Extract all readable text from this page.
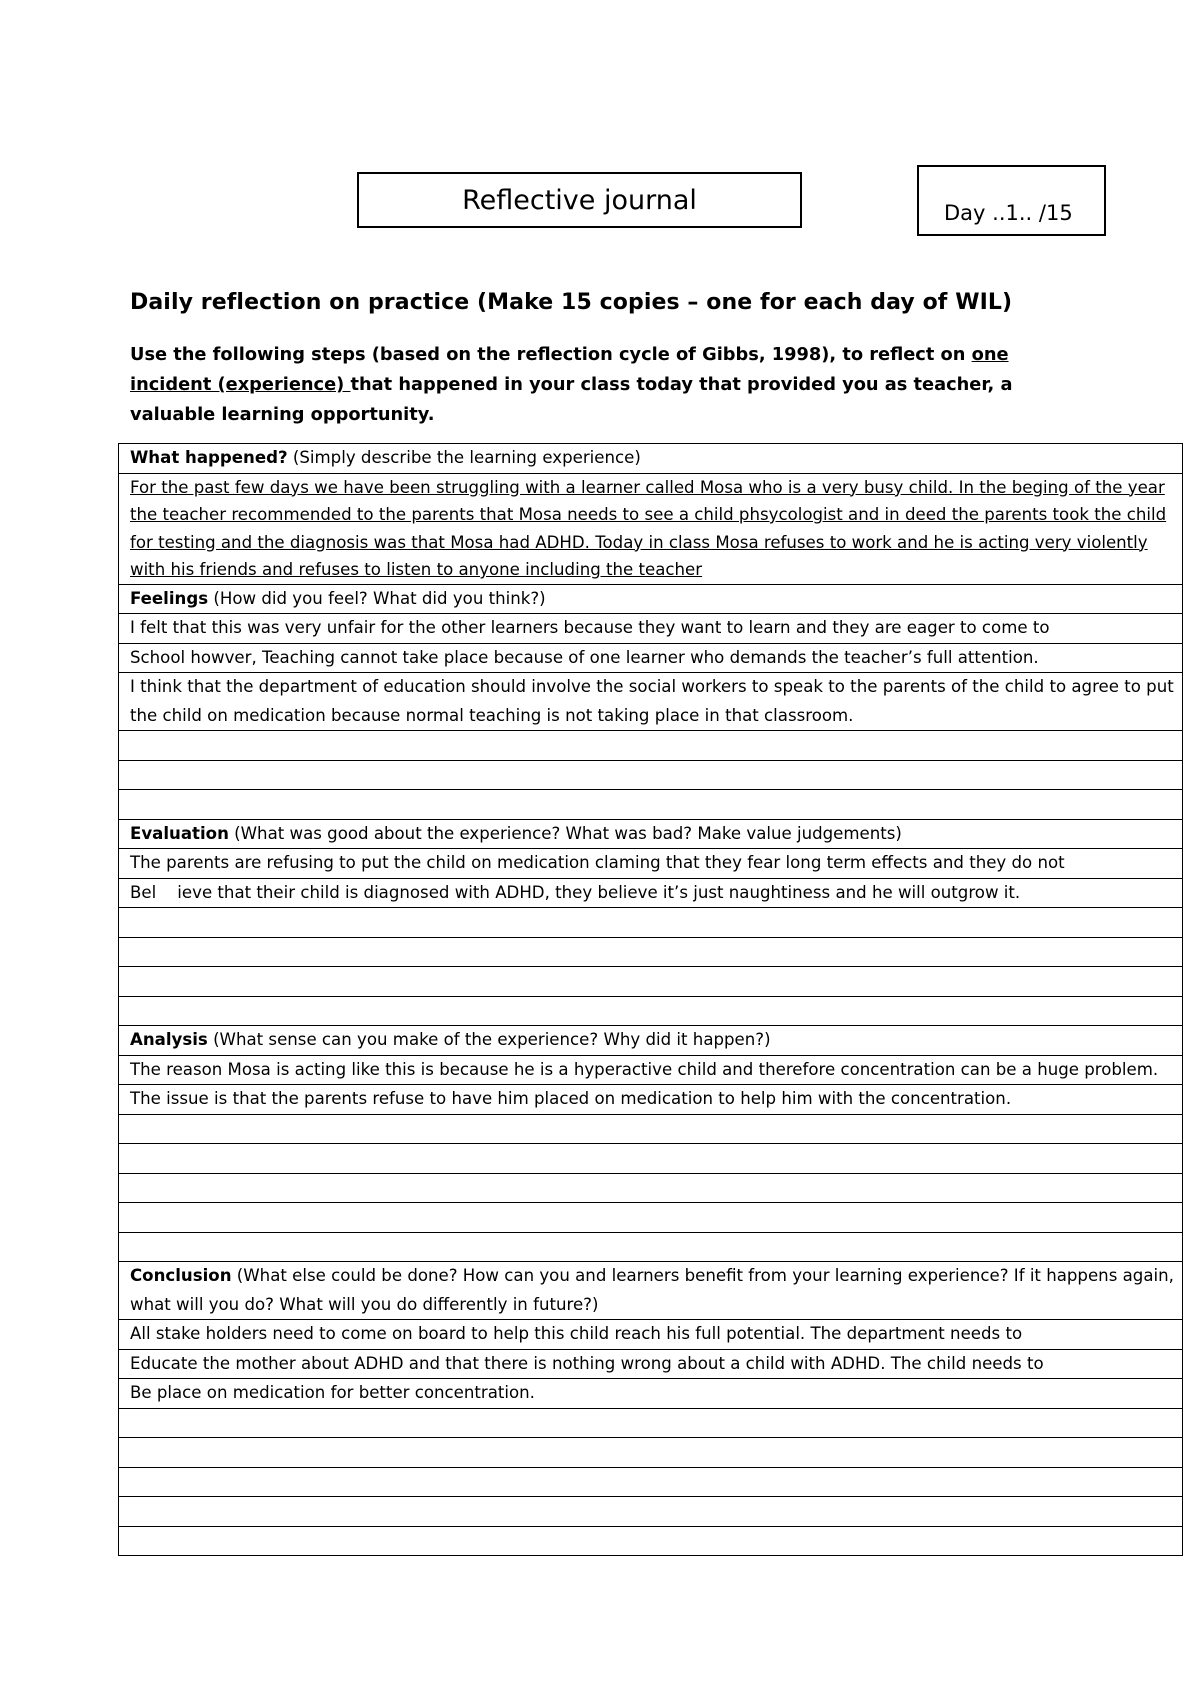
Reflective journal	Day ..1.. /15
Daily reflection on practice (Make 15 copies – one for each day of WIL)
Use the following steps (based on the reflection cycle of Gibbs, 1998), to reflect on one incident (experience) that happened in your class today that provided you as teacher, a valuable learning opportunity.
What happened? (Simply describe the learning experience)
For the past few days we have been struggling with a learner called Mosa who is a very busy child. In the beging of the year the teacher recommended to the parents that Mosa needs to see a child phsycologist and in deed the parents took the child for testing and the diagnosis was that Mosa had ADHD. Today in class Mosa refuses to work and he is acting very violently with his friends and refuses to listen to anyone including the teacher
Feelings (How did you feel? What did you think?)
I felt that this was very unfair for the other learners because they want to learn and they are eager to come to
School howver, Teaching cannot take place because of one learner who demands the teacher’s full attention.
I think that the department of education should involve the social workers to speak to the parents of the child to agree to put the child on medication because normal teaching is not taking place in that classroom.

Evaluation (What was good about the experience? What was bad? Make value judgements)
The parents are refusing to put the child on medication claming that they fear long term effects and they do not
Bel    ieve that their child is diagnosed with ADHD, they believe it’s just naughtiness and he will outgrow it.

Analysis (What sense can you make of the experience? Why did it happen?)
The reason Mosa is acting like this is because he is a hyperactive child and therefore concentration can be a huge problem.
The issue is that the parents refuse to have him placed on medication to help him with the concentration.

Conclusion (What else could be done? How can you and learners benefit from your learning experience? If it happens again, what will you do? What will you do differently in future?)
All stake holders need to come on board to help this child reach his full potential. The department needs to
Educate the mother about ADHD and that there is nothing wrong about a child with ADHD. The child needs to
Be place on medication for better concentration.
